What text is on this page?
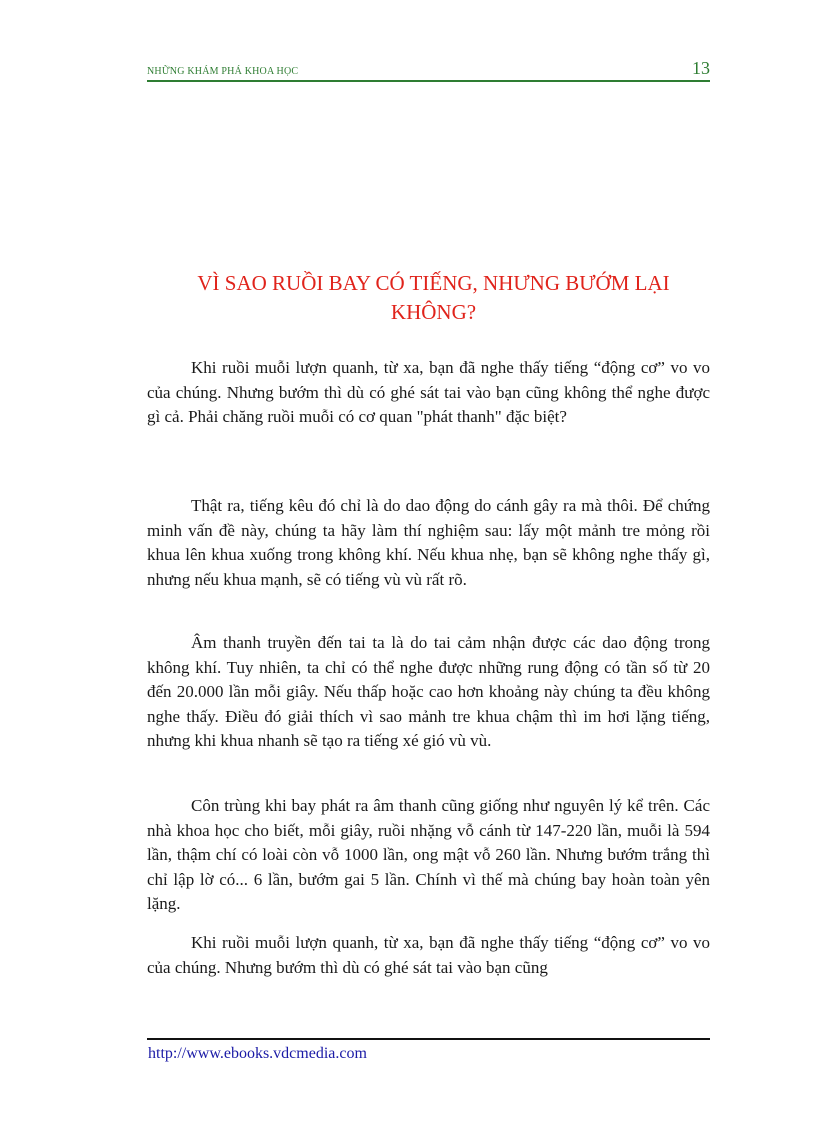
NHỮNG KHÁM PHÁ KHOA HỌC	13
VÌ SAO RUỒI BAY CÓ TIẾNG, NHƯNG BƯỚM LẠI KHÔNG?

Khi ruồi muỗi lượn quanh, từ xa, bạn đã nghe thấy tiếng “động cơ” vo vo của chúng. Nhưng bướm thì dù có ghé sát tai vào bạn cũng không thể nghe được gì cả. Phải chăng ruồi muỗi có cơ quan "phát thanh" đặc biệt?

Thật ra, tiếng kêu đó chỉ là do dao động do cánh gây ra mà thôi. Để chứng minh vấn đề này, chúng ta hãy làm thí nghiệm sau: lấy một mảnh tre mỏng rồi khua lên khua xuống trong không khí. Nếu khua nhẹ, bạn sẽ không nghe thấy gì, nhưng nếu khua mạnh, sẽ có tiếng vù vù rất rõ.

Âm thanh truyền đến tai ta là do tai cảm nhận được các dao động trong không khí. Tuy nhiên, ta chỉ có thể nghe được những rung động có tần số từ 20 đến 20.000 lần mỗi giây. Nếu thấp hoặc cao hơn khoảng này chúng ta đều không nghe thấy. Điều đó giải thích vì sao mảnh tre khua chậm thì im hơi lặng tiếng, nhưng khi khua nhanh sẽ tạo ra tiếng xé gió vù vù.

Côn trùng khi bay phát ra âm thanh cũng giống như nguyên lý kể trên. Các nhà khoa học cho biết, mỗi giây, ruồi nhặng vỗ cánh từ 147-220 lần, muỗi là 594 lần, thậm chí có loài còn vỗ 1000 lần, ong mật vỗ 260 lần. Nhưng bướm trắng thì chỉ lập lờ có... 6 lần, bướm gai 5 lần. Chính vì thế mà chúng bay hoàn toàn yên lặng.

Khi ruồi muỗi lượn quanh, từ xa, bạn đã nghe thấy tiếng “động cơ” vo vo của chúng. Nhưng bướm thì dù có ghé sát tai vào bạn cũng

http://www.ebooks.vdcmedia.com
